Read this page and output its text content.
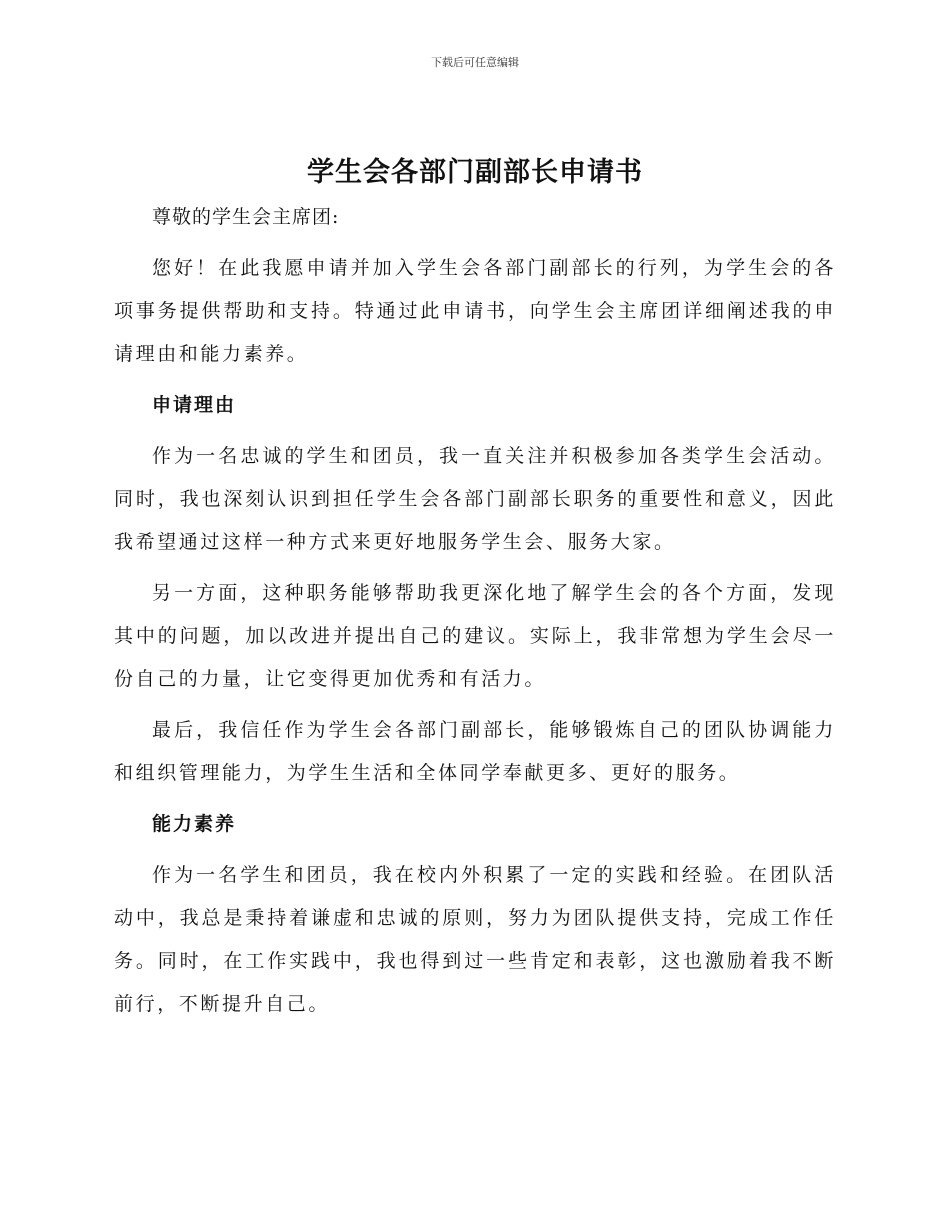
下载后可任意编辑
学生会各部门副部长申请书

尊敬的学生会主席团:

您好！在此我愿申请并加入学生会各部门副部长的行列，为学生会的各项事务提供帮助和支持。特通过此申请书，向学生会主席团详细阐述我的申请理由和能力素养。

申请理由

作为一名忠诚的学生和团员，我一直关注并积极参加各类学生会活动。同时，我也深刻认识到担任学生会各部门副部长职务的重要性和意义，因此我希望通过这样一种方式来更好地服务学生会、服务大家。

另一方面，这种职务能够帮助我更深化地了解学生会的各个方面，发现其中的问题，加以改进并提出自己的建议。实际上，我非常想为学生会尽一份自己的力量，让它变得更加优秀和有活力。

最后，我信任作为学生会各部门副部长，能够锻炼自己的团队协调能力和组织管理能力，为学生生活和全体同学奉献更多、更好的服务。

能力素养

作为一名学生和团员，我在校内外积累了一定的实践和经验。在团队活动中，我总是秉持着谦虚和忠诚的原则，努力为团队提供支持，完成工作任务。同时，在工作实践中，我也得到过一些肯定和表彰，这也激励着我不断前行，不断提升自己。
